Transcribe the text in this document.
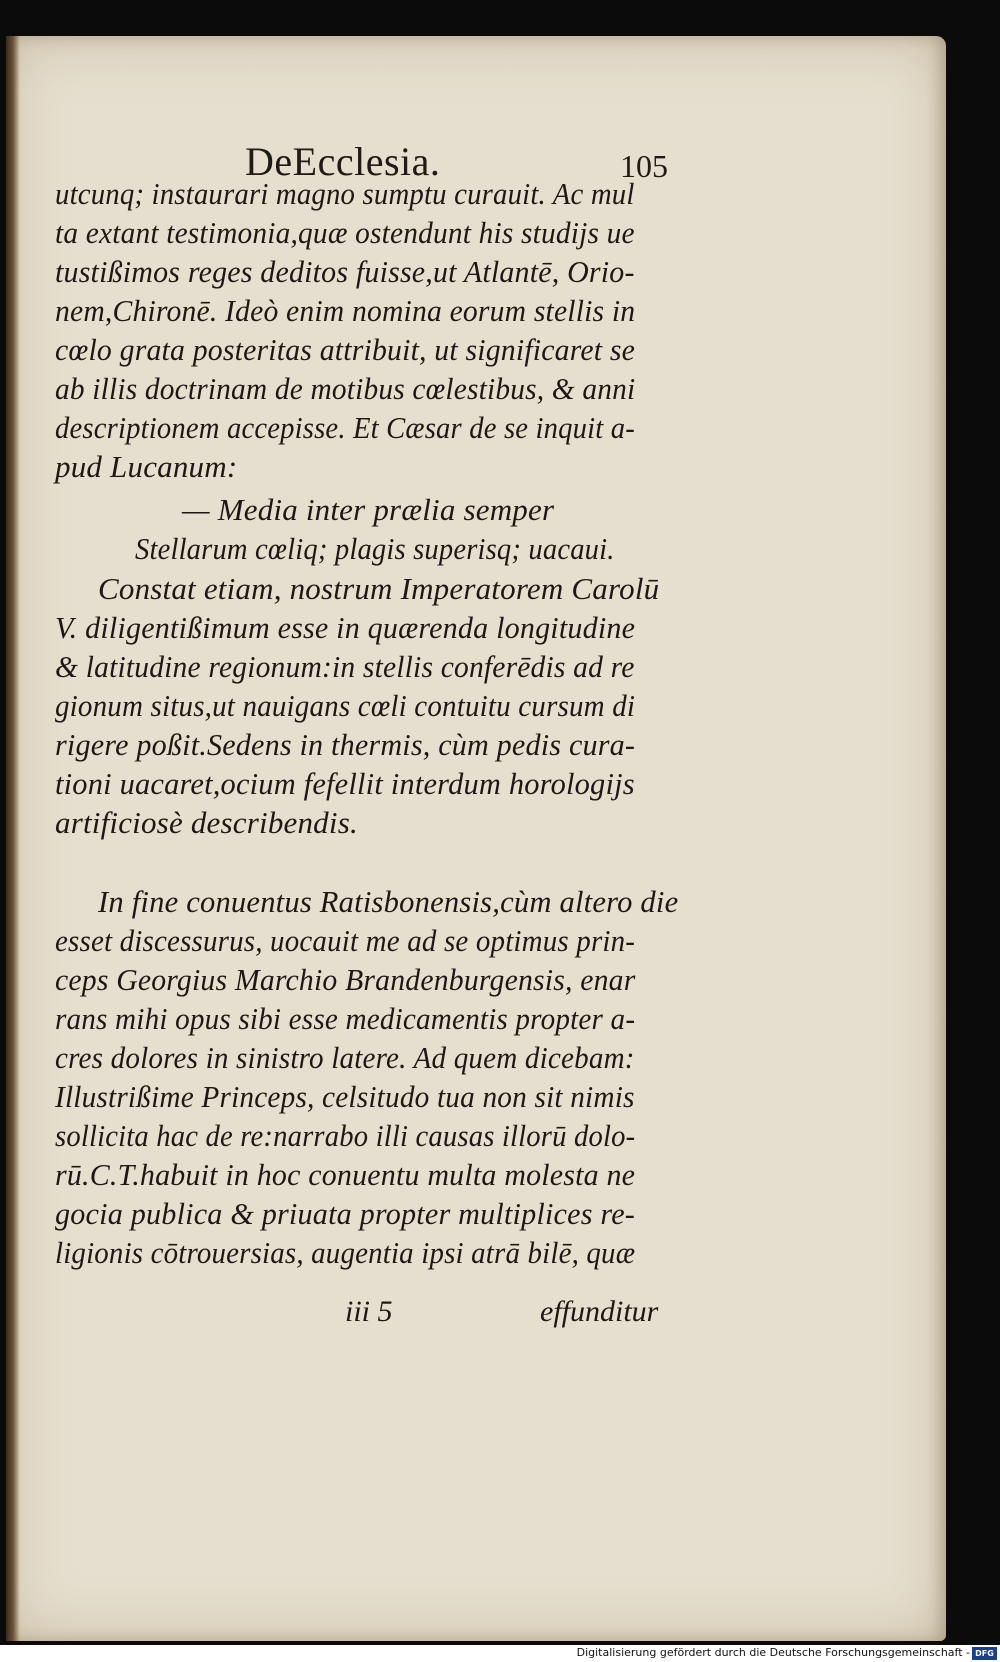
DeEcclesia.	105
utcunq; instaurari magno sumptu curauit. Ac mul
ta extant testimonia,quæ ostendunt his studijs ue
tustißimos reges deditos fuisse,ut Atlantē, Orio-
nem,Chironē. Ideò enim nomina eorum stellis in
cœlo grata posteritas attribuit, ut significaret se
ab illis doctrinam de motibus cœlestibus, & anni
descriptionem accepisse. Et Cæsar de se inquit a-
pud Lucanum:
— Media inter prælia semper
Stellarum cœliq; plagis superisq; uacaui.
Constat etiam, nostrum Imperatorem Carolū
V. diligentißimum esse in quærenda longitudine
& latitudine regionum:in stellis conferēdis ad re
gionum situs,ut nauigans cœli contuitu cursum di
rigere poßit.Sedens in thermis, cùm pedis cura-
tioni uacaret,ocium fefellit interdum horologijs
artificiosè describendis.
In fine conuentus Ratisbonensis,cùm altero die
esset discessurus, uocauit me ad se optimus prin-
ceps Georgius Marchio Brandenburgensis, enar
rans mihi opus sibi esse medicamentis propter a-
cres dolores in sinistro latere. Ad quem dicebam:
Illustrißime Princeps, celsitudo tua non sit nimis
sollicita hac de re:narrabo illi causas illorū dolo-
rū.C.T.habuit in hoc conuentu multa molesta ne
gocia publica & priuata propter multiplices re-
ligionis cōtrouersias, augentia ipsi atrā bilē, quæ
iii 5	effunditur
Digitalisierung gefördert durch die Deutsche Forschungsgemeinschaft - DFG
